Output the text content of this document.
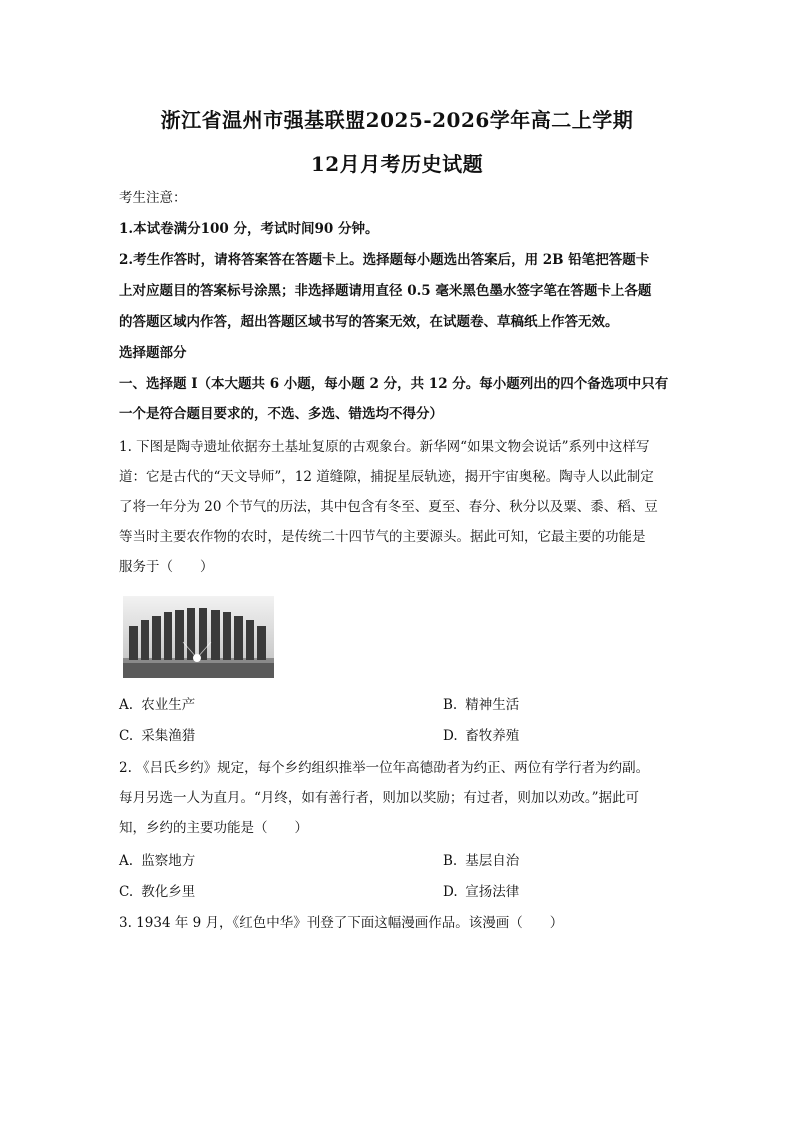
浙江省温州市强基联盟2025-2026学年高二上学期
12月月考历史试题
考生注意：
1.本试卷满分100 分，考试时间90 分钟。
2.考生作答时，请将答案答在答题卡上。选择题每小题选出答案后，用 2B 铅笔把答题卡
上对应题目的答案标号涂黑；非选择题请用直径 0.5 毫米黑色墨水签字笔在答题卡上各题
的答题区域内作答，超出答题区域书写的答案无效，在试题卷、草稿纸上作答无效。
选择题部分
一、选择题 I（本大题共 6 小题，每小题 2 分，共 12 分。每小题列出的四个备选项中只有
一个是符合题目要求的，不选、多选、错选均不得分）
1. 下图是陶寺遗址依据夯土基址复原的古观象台。新华网“如果文物会说话”系列中这样写
道：它是古代的“天文导师”，12 道缝隙，捕捉星辰轨迹，揭开宇宙奥秘。陶寺人以此制定
了将一年分为 20 个节气的历法，其中包含有冬至、夏至、春分、秋分以及粟、黍、稻、豆
等当时主要农作物的农时，是传统二十四节气的主要源头。据此可知，它最主要的功能是
服务于（　　）
A. 农业生产	B. 精神生活
C. 采集渔猎	D. 畜牧养殖
2. 《吕氏乡约》规定，每个乡约组织推举一位年高德劭者为约正、两位有学行者为约副。
每月另选一人为直月。“月终，如有善行者，则加以奖励；有过者，则加以劝改。”据此可
知，乡约的主要功能是（　　）
A. 监察地方	B. 基层自治
C. 教化乡里	D. 宣扬法律
3. 1934 年 9 月，《红色中华》刊登了下面这幅漫画作品。该漫画（　　）
